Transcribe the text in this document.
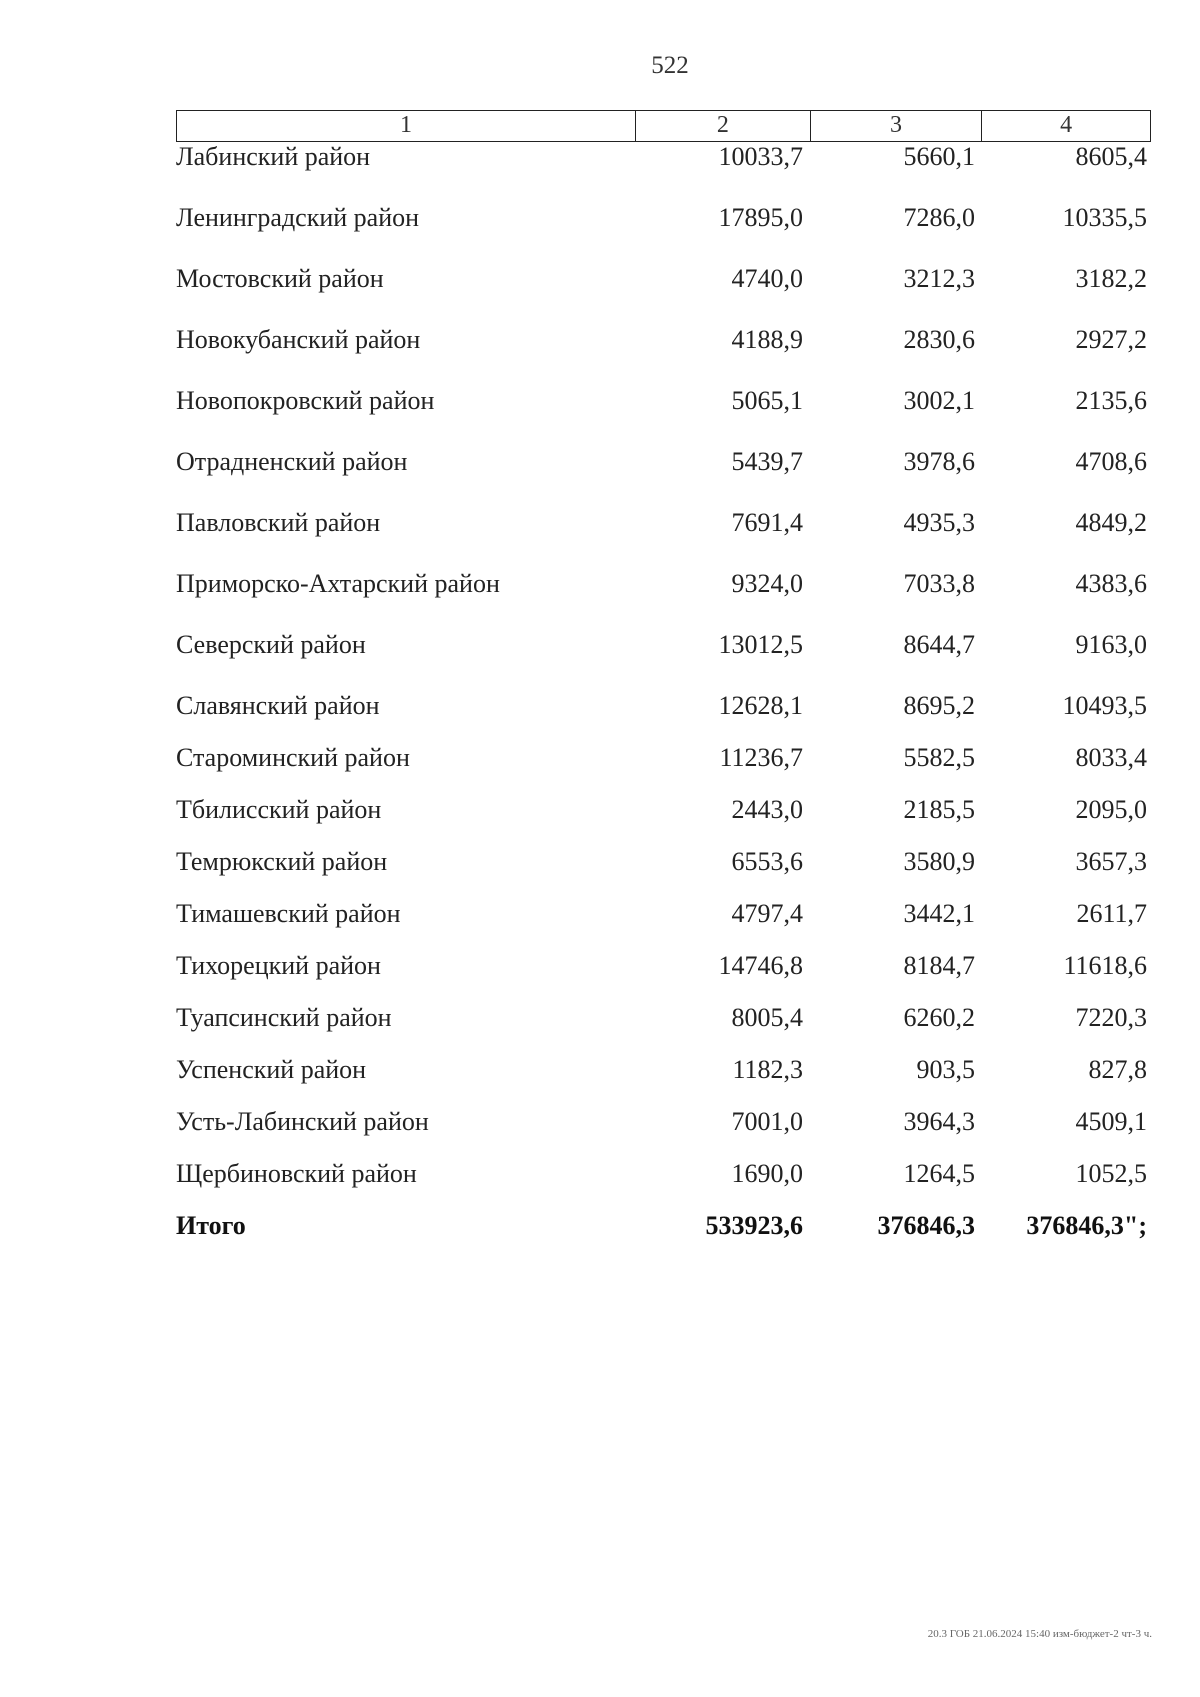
522
1	2	3	4
Лабинский район	10033,7	5660,1	8605,4
Ленинградский район	17895,0	7286,0	10335,5
Мостовский район	4740,0	3212,3	3182,2
Новокубанский район	4188,9	2830,6	2927,2
Новопокровский район	5065,1	3002,1	2135,6
Отрадненский район	5439,7	3978,6	4708,6
Павловский район	7691,4	4935,3	4849,2
Приморско-Ахтарский район	9324,0	7033,8	4383,6
Северский район	13012,5	8644,7	9163,0
Славянский район	12628,1	8695,2	10493,5
Староминский район	11236,7	5582,5	8033,4
Тбилисский район	2443,0	2185,5	2095,0
Темрюкский район	6553,6	3580,9	3657,3
Тимашевский район	4797,4	3442,1	2611,7
Тихорецкий район	14746,8	8184,7	11618,6
Туапсинский район	8005,4	6260,2	7220,3
Успенский район	1182,3	903,5	827,8
Усть-Лабинский район	7001,0	3964,3	4509,1
Щербиновский район	1690,0	1264,5	1052,5
Итого	533923,6	376846,3	376846,3";
20.3 ГОБ 21.06.2024 15:40 изм-бюджет-2 чт-3 ч.
